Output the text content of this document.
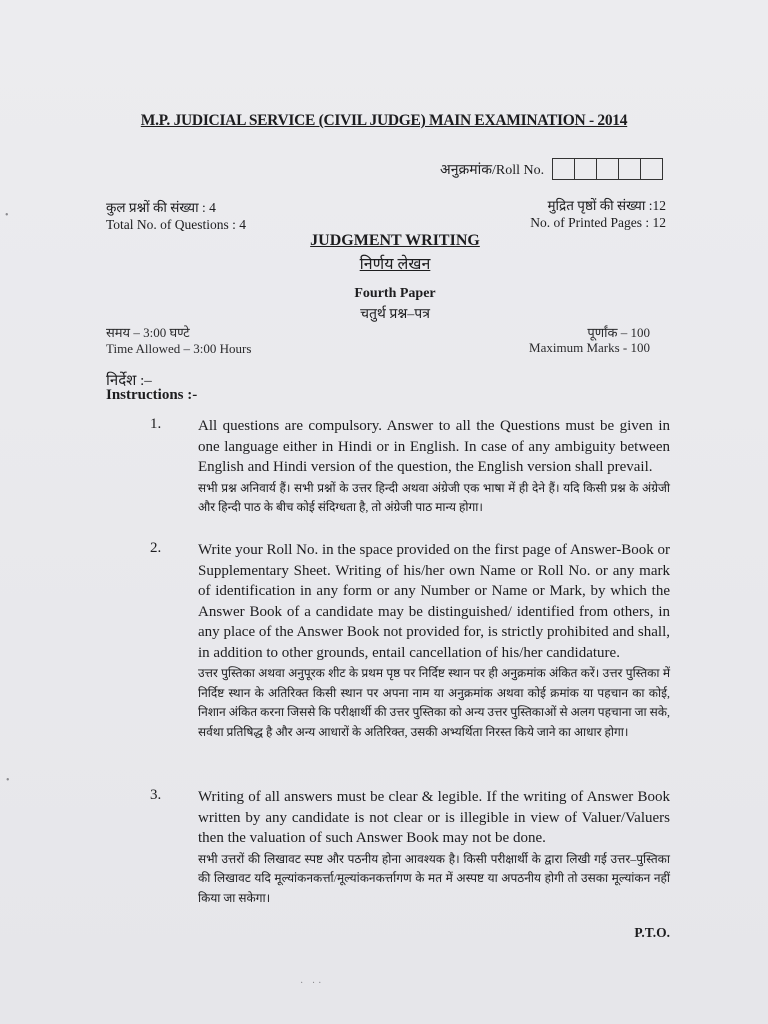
M.P. JUDICIAL SERVICE (CIVIL JUDGE) MAIN EXAMINATION - 2014
अनुक्रमांक/Roll No.
कुल प्रश्नों की संख्या : 4
Total No. of Questions : 4
मुद्रित पृष्ठों की संख्या :12
No. of Printed Pages : 12
JUDGMENT WRITING
निर्णय लेखन
Fourth Paper
चतुर्थ प्रश्न–पत्र
समय – 3:00 घण्टे
Time Allowed – 3:00 Hours
पूर्णांक – 100
Maximum Marks - 100
निर्देश :–
Instructions :-
1. All questions are compulsory. Answer to all the Questions must be given in one language either in Hindi or in English. In case of any ambiguity between English and Hindi version of the question, the English version shall prevail.
सभी प्रश्न अनिवार्य हैं। सभी प्रश्नों के उत्तर हिन्दी अथवा अंग्रेजी एक भाषा में ही देने हैं। यदि किसी प्रश्न के अंग्रेजी और हिन्दी पाठ के बीच कोई संदिग्धता है, तो अंग्रेजी पाठ मान्य होगा।
2. Write your Roll No. in the space provided on the first page of Answer-Book or Supplementary Sheet. Writing of his/her own Name or Roll No. or any mark of identification in any form or any Number or Name or Mark, by which the Answer Book of a candidate may be distinguished/ identified from others, in any place of the Answer Book not provided for, is strictly prohibited and shall, in addition to other grounds, entail cancellation of his/her candidature.
उत्तर पुस्तिका अथवा अनुपूरक शीट के प्रथम पृष्ठ पर निर्दिष्ट स्थान पर ही अनुक्रमांक अंकित करें। उत्तर पुस्तिका में निर्दिष्ट स्थान के अतिरिक्त किसी स्थान पर अपना नाम या अनुक्रमांक अथवा कोई क्रमांक या पहचान का कोई, निशान अंकित करना जिससे कि परीक्षार्थी की उत्तर पुस्तिका को अन्य उत्तर पुस्तिकाओं से अलग पहचाना जा सके, सर्वथा प्रतिषिद्ध है और अन्य आधारों के अतिरिक्त, उसकी अभ्यर्थिता निरस्त किये जाने का आधार होगा।
3. Writing of all answers must be clear & legible. If the writing of Answer Book written by any candidate is not clear or is illegible in view of Valuer/Valuers then the valuation of such Answer Book may not be done.
सभी उत्तरों की लिखावट स्पष्ट और पठनीय होना आवश्यक है। किसी परीक्षार्थी के द्वारा लिखी गई उत्तर–पुस्तिका की लिखावट यदि मूल्यांकनकर्त्ता/मूल्यांकनकर्त्तागण के मत में अस्पष्ट या अपठनीय होगी तो उसका मूल्यांकन नहीं किया जा सकेगा।
P.T.O.
•
•
· ··
